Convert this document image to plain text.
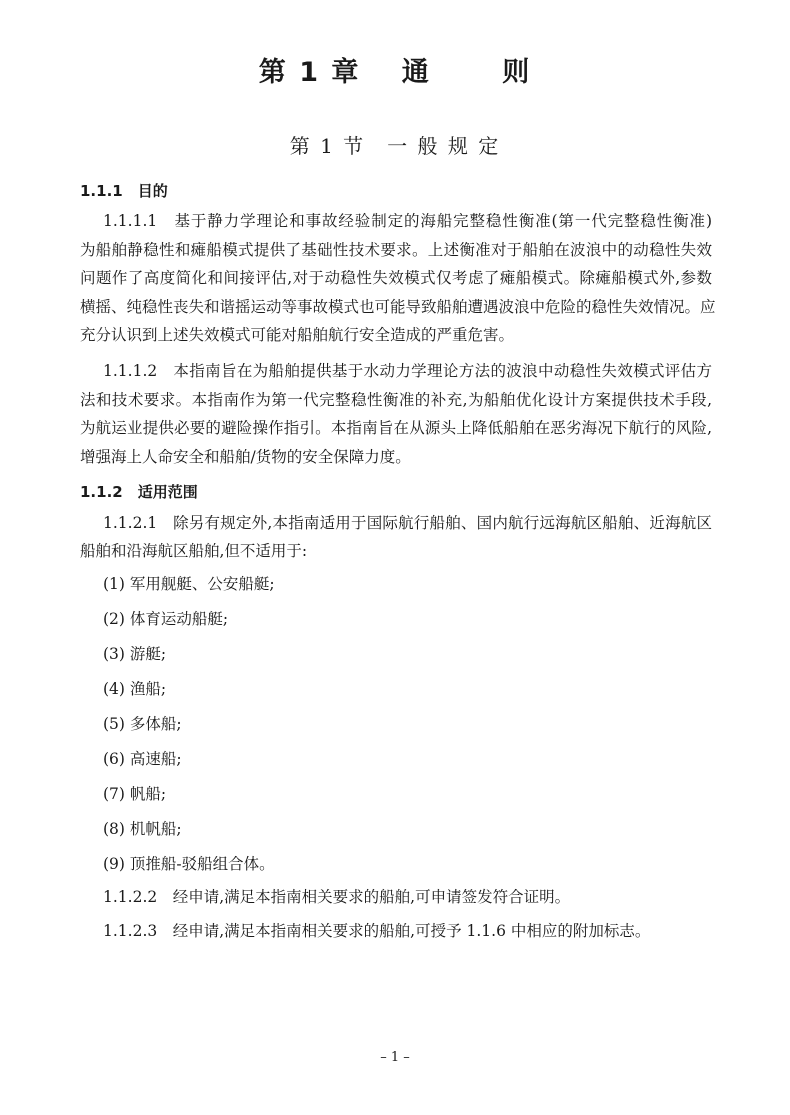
第 1 章 通	则
第 1 节　一 般 规 定
1.1.1　目的
1.1.1.1　基于静力学理论和事故经验制定的海船完整稳性衡准(第一代完整稳性衡准)
为船舶静稳性和瘫船模式提供了基础性技术要求。上述衡准对于船舶在波浪中的动稳性失效
问题作了高度简化和间接评估,对于动稳性失效模式仅考虑了瘫船模式。除瘫船模式外,参数
横摇、纯稳性丧失和谐摇运动等事故模式也可能导致船舶遭遇波浪中危险的稳性失效情况。应
充分认识到上述失效模式可能对船舶航行安全造成的严重危害。
1.1.1.2　本指南旨在为船舶提供基于水动力学理论方法的波浪中动稳性失效模式评估方
法和技术要求。本指南作为第一代完整稳性衡准的补充,为船舶优化设计方案提供技术手段,
为航运业提供必要的避险操作指引。本指南旨在从源头上降低船舶在恶劣海况下航行的风险,
增强海上人命安全和船舶/货物的安全保障力度。
1.1.2　适用范围
1.1.2.1　除另有规定外,本指南适用于国际航行船舶、国内航行远海航区船舶、近海航区
船舶和沿海航区船舶,但不适用于:
(1) 军用舰艇、公安船艇;
(2) 体育运动船艇;
(3) 游艇;
(4) 渔船;
(5) 多体船;
(6) 高速船;
(7) 帆船;
(8) 机帆船;
(9) 顶推船-驳船组合体。
1.1.2.2　经申请,满足本指南相关要求的船舶,可申请签发符合证明。
1.1.2.3　经申请,满足本指南相关要求的船舶,可授予 1.1.6 中相应的附加标志。
– 1 –
